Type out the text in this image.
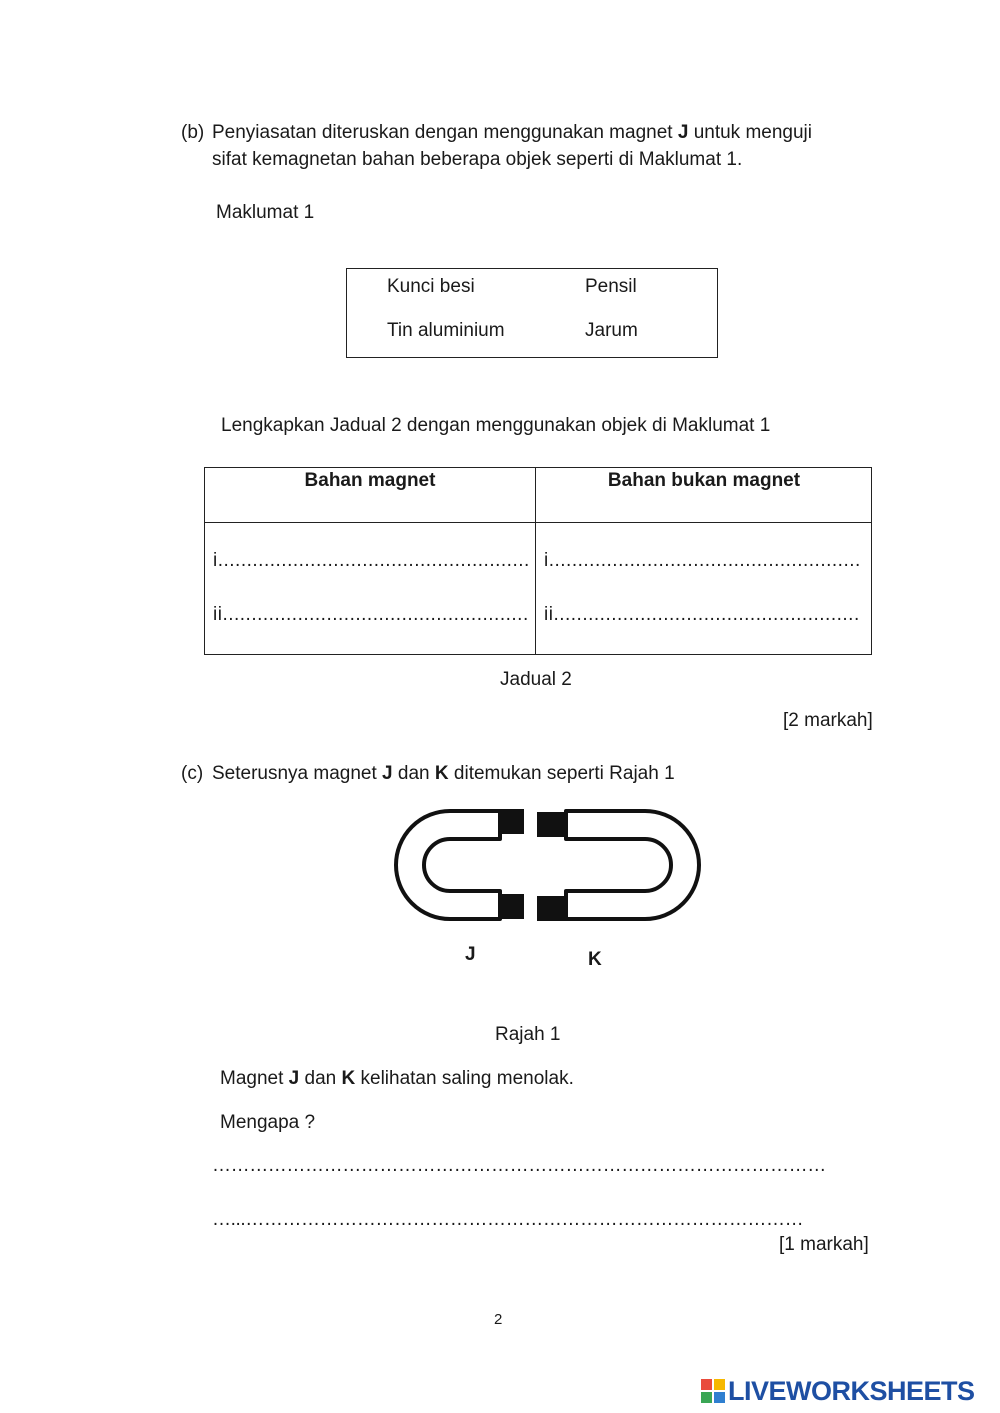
(b) Penyiasatan diteruskan dengan menggunakan magnet J untuk menguji
sifat kemagnetan bahan beberapa objek seperti di Maklumat 1.
Maklumat 1
Kunci besi	Pensil
Tin aluminium	Jarum
Lengkapkan Jadual 2 dengan menggunakan objek di Maklumat 1
Bahan magnet	Bahan bukan magnet
i...................................................... i......................................................
ii..................................................... ii.....................................................
Jadual 2
[2 markah]
(c) Seterusnya magnet J dan K ditemukan seperti Rajah 1
J	K
Rajah 1
Magnet J dan K kelihatan saling menolak.
Mengapa ?
………………………………………………………………………………………
…...………………………………………………………………………………
[1 markah]
2
LIVEWORKSHEETS
